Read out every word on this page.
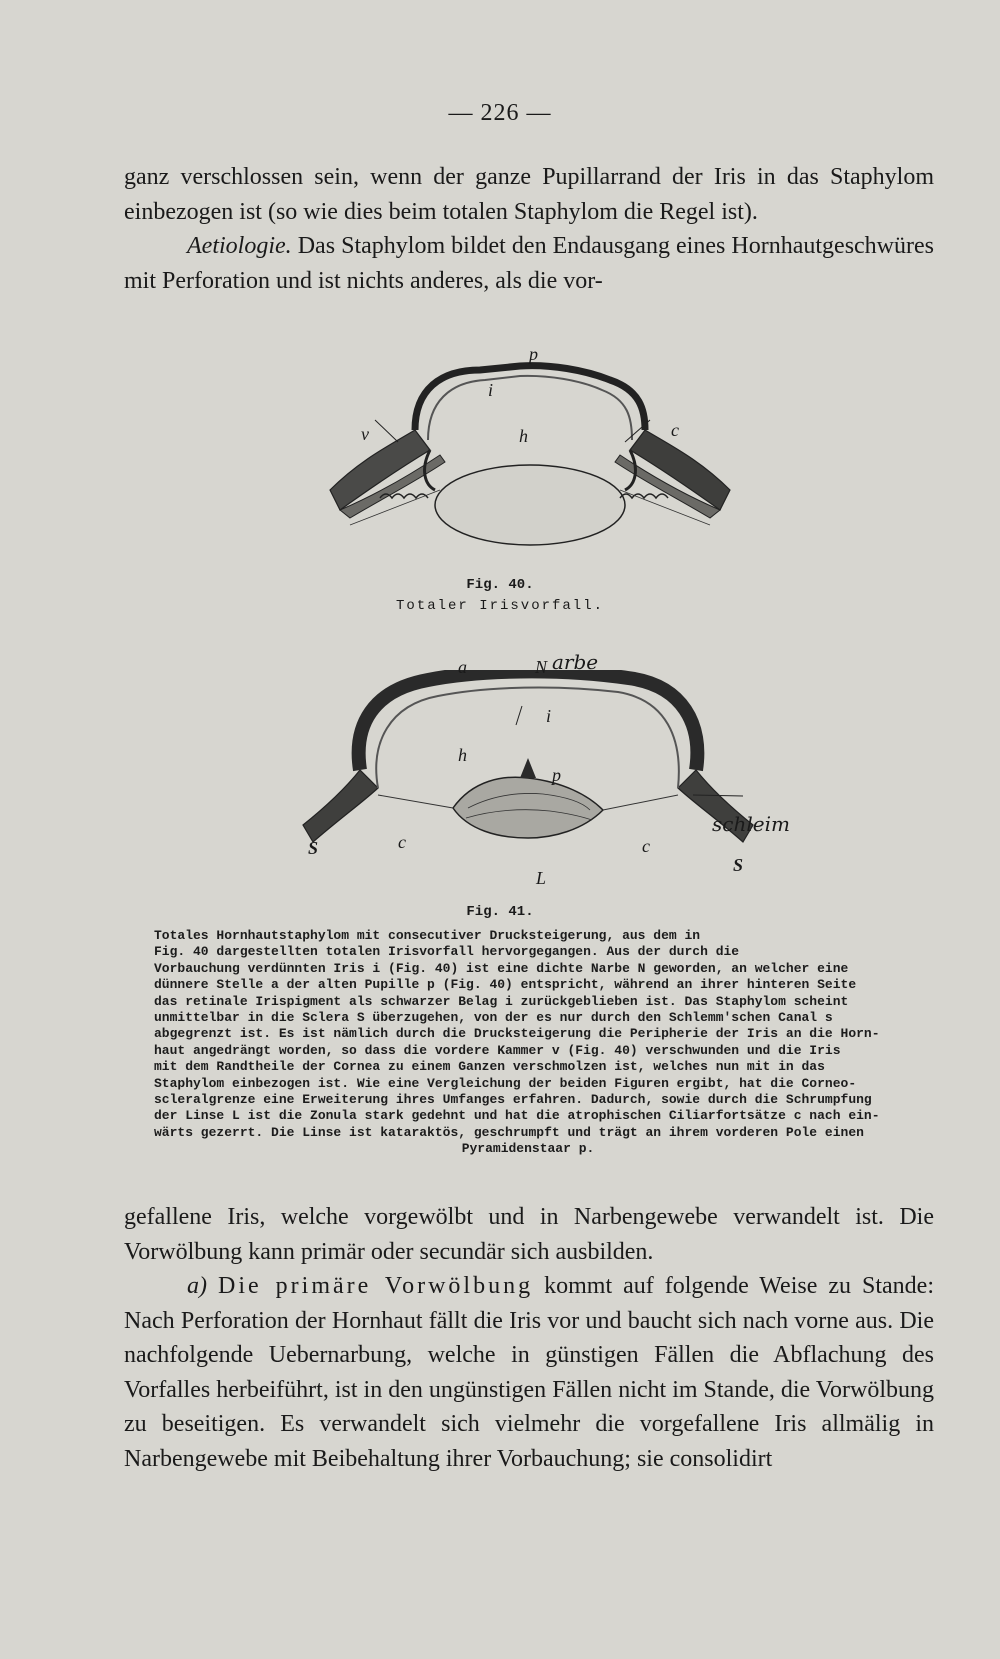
— 226 —

ganz verschlossen sein, wenn der ganze Pupillarrand der Iris in das Staphylom einbezogen ist (so wie dies beim totalen Staphylom die Regel ist).

Aetiologie. Das Staphylom bildet den Endausgang eines Hornhautgeschwüres mit Perforation und ist nichts anderes, als die vor-

p
i
h
v	c
Fig. 40.
Totaler Irisvorfall.
a	N arbe
i
h
p
S	c	c
S
L
schleim
Fig. 41.
Totales Hornhautstaphylom mit consecutiver Drucksteigerung, aus dem in
Fig. 40 dargestellten totalen Irisvorfall hervorgegangen. Aus der durch die
Vorbauchung verdünnten Iris i (Fig. 40) ist eine dichte Narbe N geworden, an welcher eine
dünnere Stelle a der alten Pupille p (Fig. 40) entspricht, während an ihrer hinteren Seite
das retinale Irispigment als schwarzer Belag i zurückgeblieben ist. Das Staphylom scheint
unmittelbar in die Sclera S überzugehen, von der es nur durch den Schlemm'schen Canal s
abgegrenzt ist. Es ist nämlich durch die Drucksteigerung die Peripherie der Iris an die Horn-
haut angedrängt worden, so dass die vordere Kammer v (Fig. 40) verschwunden und die Iris
mit dem Randtheile der Cornea zu einem Ganzen verschmolzen ist, welches nun mit in das
Staphylom einbezogen ist. Wie eine Vergleichung der beiden Figuren ergibt, hat die Corneo-
scleralgrenze eine Erweiterung ihres Umfanges erfahren. Dadurch, sowie durch die Schrumpfung
der Linse L ist die Zonula stark gedehnt und hat die atrophischen Ciliarfortsätze c nach ein-
wärts gezerrt. Die Linse ist kataraktös, geschrumpft und trägt an ihrem vorderen Pole einen
Pyramidenstaar p.

gefallene Iris, welche vorgewölbt und in Narbengewebe verwandelt ist. Die Vorwölbung kann primär oder secundär sich ausbilden.

a) Die primäre Vorwölbung kommt auf folgende Weise zu Stande: Nach Perforation der Hornhaut fällt die Iris vor und baucht sich nach vorne aus. Die nachfolgende Uebernarbung, welche in günstigen Fällen die Abflachung des Vorfalles herbeiführt, ist in den ungünstigen Fällen nicht im Stande, die Vorwölbung zu beseitigen. Es verwandelt sich vielmehr die vorgefallene Iris allmälig in Narbengewebe mit Beibehaltung ihrer Vorbauchung; sie consolidirt
